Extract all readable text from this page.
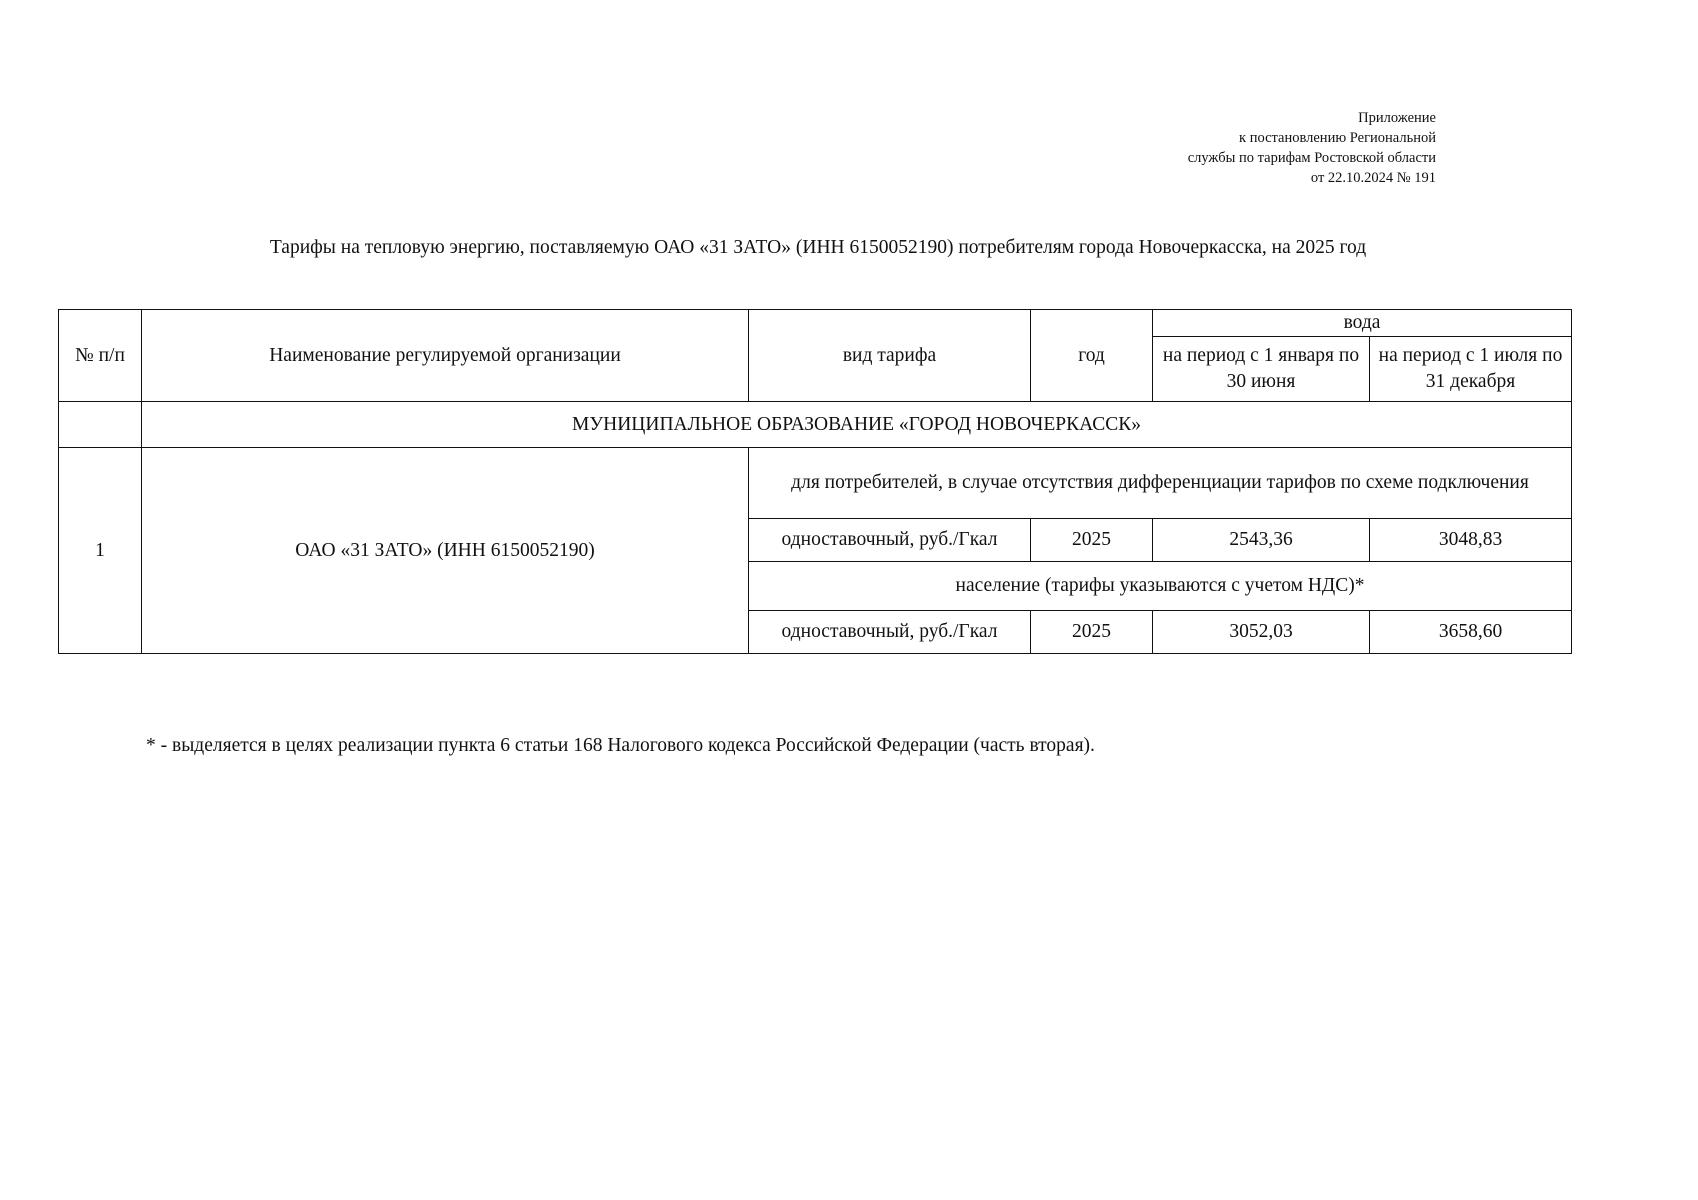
Приложение
к постановлению Региональной
службы по тарифам Ростовской области
от 22.10.2024 № 191
Тарифы на тепловую энергию, поставляемую ОАО «31 ЗАТО» (ИНН 6150052190) потребителям города Новочеркасска, на 2025 год
№ п/п	Наименование регулируемой организации	вид тарифа	год	вода	
				на период с 1 января по 30 июня	на период с 1 июля по 31 декабря
	МУНИЦИПАЛЬНОЕ ОБРАЗОВАНИЕ «ГОРОД НОВОЧЕРКАССК»				
1	ОАО «31 ЗАТО» (ИНН 6150052190)	для потребителей, в случае отсутствия дифференциации тарифов по схеме подключения			
		одноставочный, руб./Гкал	2025	2543,36	3048,83
		население (тарифы указываются с учетом НДС)*			
		одноставочный, руб./Гкал	2025	3052,03	3658,60
* - выделяется в целях реализации пункта 6 статьи 168 Налогового кодекса Российской Федерации (часть вторая).
